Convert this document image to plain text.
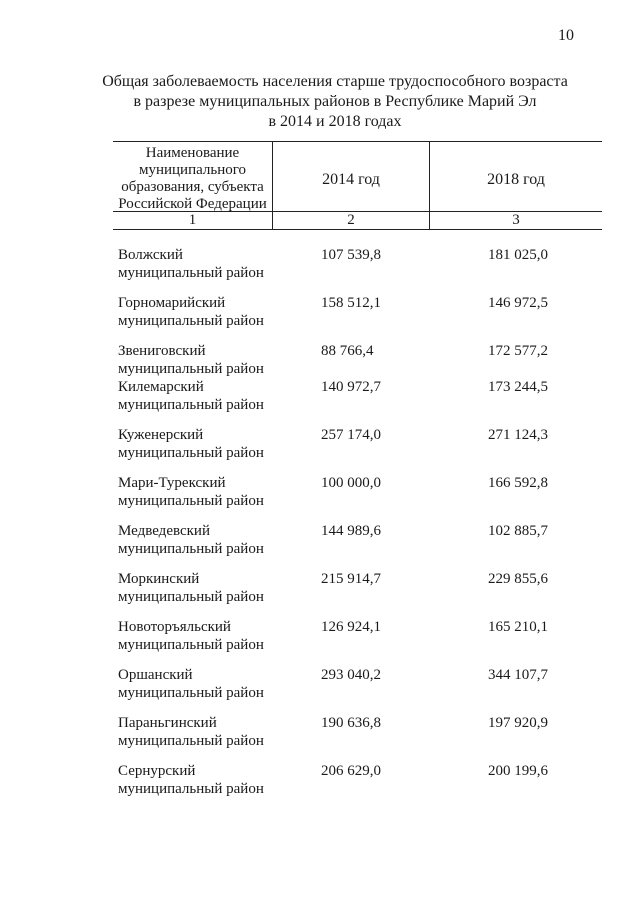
10
Общая заболеваемость населения старше трудоспособного возраста
в разрезе муниципальных районов в Республике Марий Эл
в 2014 и 2018 годах
Наименование
муниципального
образования, субъекта
Российской Федерации
2014 год	2018 год
1	2	3
Волжский
муниципальный район
107 539,8	181 025,0
Горномарийский
муниципальный район
158 512,1	146 972,5
Звениговский
муниципальный район
88 766,4	172 577,2
Килемарский
муниципальный район
140 972,7	173 244,5
Куженерский
муниципальный район
257 174,0	271 124,3
Мари-Турекский
муниципальный район
100 000,0	166 592,8
Медведевский
муниципальный район
144 989,6	102 885,7
Моркинский
муниципальный район
215 914,7	229 855,6
Новоторъяльский
муниципальный район
126 924,1	165 210,1
Оршанский
муниципальный район
293 040,2	344 107,7
Параньгинский
муниципальный район
190 636,8	197 920,9
Сернурский
муниципальный район
206 629,0	200 199,6
